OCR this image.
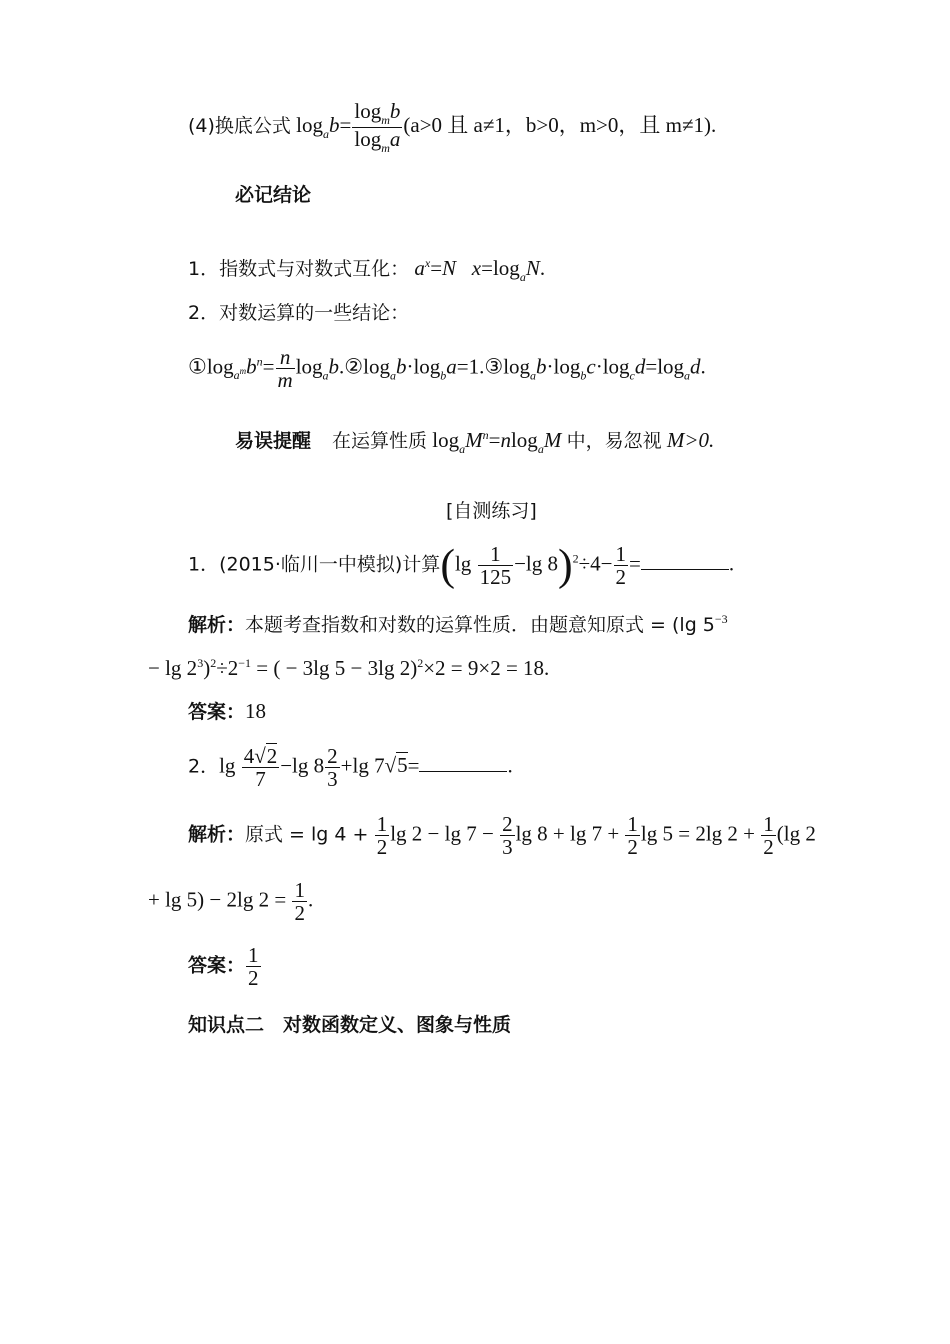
(4)换底公式 $\log_ab= \frac{\log_mb}{\log_ma} (a>0$ 且 a≠1，b>0，m>0，且 m≠1).
必记结论
1．指数式与对数式互化： $a^x=N$ $x=\log_aN$.
2．对数运算的一些结论：
$①\log_{a^m}b^n= \frac{n}{m}$ $\log_ab.②\log_ab\cdot\log_ba=1.③\log_ab\cdot\log_bc\cdot\log_cd=\log_ad$.
易误提醒 在运算性质 $\log_aM^n=nlog_aM$ 中，易忽视 M>0.
[自测练习]
1．(2015·临川一中模拟)计算($\lg \frac{1}{125} -\lg$ $8)^2\div 4- \frac{1}{2}$ =	.
解析：本题考查指数和对数的运算性质．由题意知原式 = (lg $5^{-3}$
− $\lg 2^3)^2\div 2^{-1}$ = ( − 3lg 5 − 3lg 2)$^2$×2 = 9×2 = 18.
答案：18
2．$\lg \frac{4√2}{7} -\lg$ $8 \frac{2}{3} +\lg$ 7√5=	.
解析：原式 = $\lg 4 + \frac{1}{2}$ $\lg 2 - \lg 7 - \frac{2}{3}$ $\lg 8 + \lg 7 + \frac{1}{2}$ lg 5 = 2lg $2 + \frac{1}{2} (\lg$ 2
+ lg 5) − 2lg $2 = \frac{1}{2}$ .
答案： $\frac{1}{2}$
知识点二　对数函数定义、图象与性质
